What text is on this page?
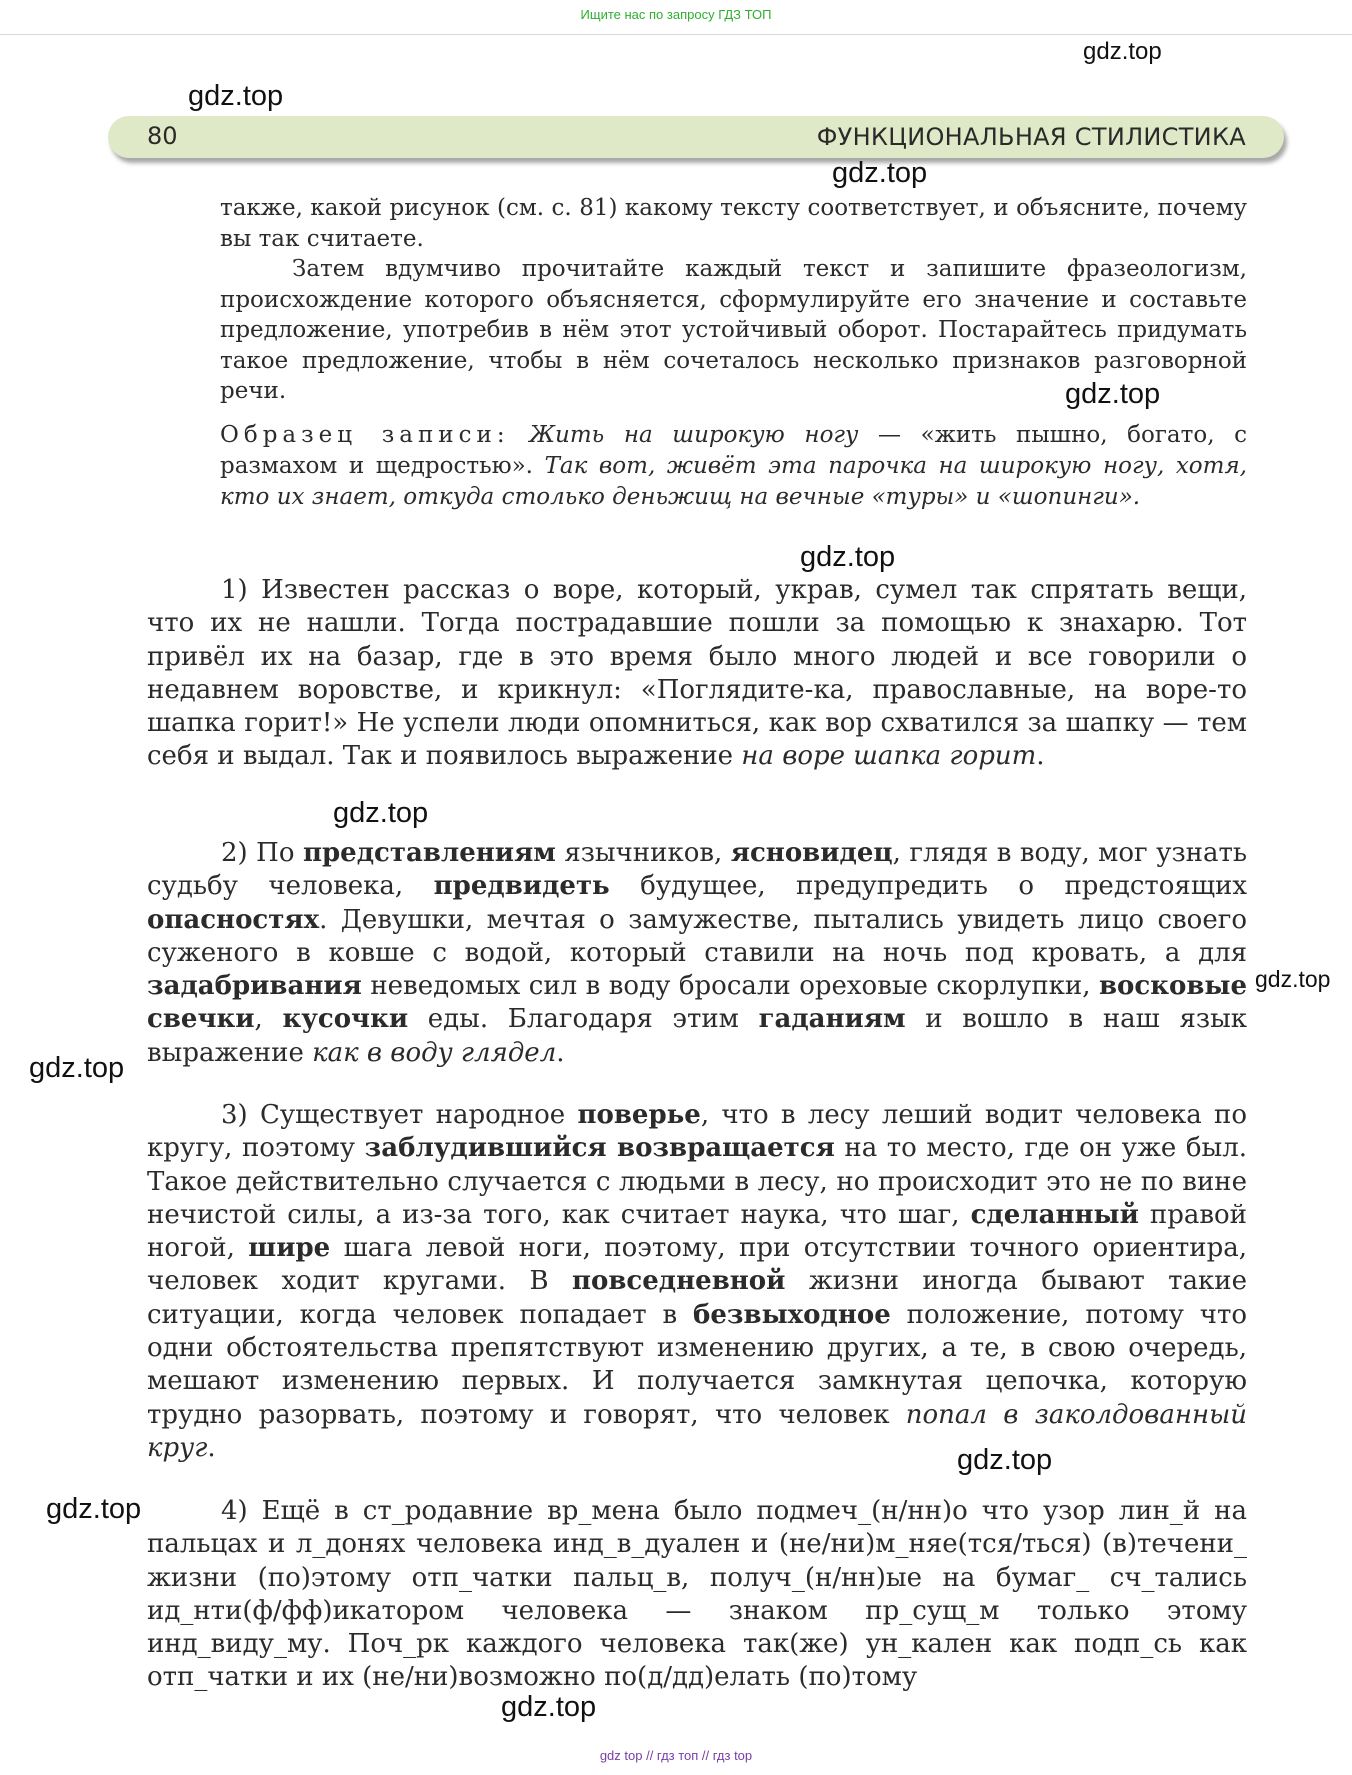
Ищите нас по запросу ГДЗ ТОП
80	ФУНКЦИОНАЛЬНАЯ СТИЛИСТИКА

также, какой рисунок (см. с. 81) какому тексту соответствует, и объясните, почему вы так считаете.
Затем вдумчиво прочитайте каждый текст и запишите фразеологизм, происхождение которого объясняется, сформулируйте его значение и составьте предложение, употребив в нём этот устойчивый оборот. Постарайтесь придумать такое предложение, чтобы в нём сочеталось несколько признаков разговорной речи.

Образец записи: Жить на широкую ногу — «жить пышно, богато, с размахом и щедростью». Так вот, живёт эта парочка на широкую ногу, хотя, кто их знает, откуда столько деньжищ на вечные «туры» и «шопинги».

1) Известен рассказ о воре, который, украв, сумел так спрятать вещи, что их не нашли. Тогда пострадавшие пошли за помощью к знахарю. Тот привёл их на базар, где в это время было много людей и все говорили о недавнем воровстве, и крикнул: «Поглядите-ка, православные, на воре-то шапка горит!» Не успели люди опомниться, как вор схватился за шапку — тем себя и выдал. Так и появилось выражение на воре шапка горит.

2) По представлениям язычников, ясновидец, глядя в воду, мог узнать судьбу человека, предвидеть будущее, предупредить о предстоящих опасностях. Девушки, мечтая о замужестве, пытались увидеть лицо своего суженого в ковше с водой, который ставили на ночь под кровать, а для задабривания неведомых сил в воду бросали ореховые скорлупки, восковые свечки, кусочки еды. Благодаря этим гаданиям и вошло в наш язык выражение как в воду глядел.

3) Существует народное поверье, что в лесу леший водит человека по кругу, поэтому заблудившийся возвращается на то место, где он уже был. Такое действительно случается с людьми в лесу, но происходит это не по вине нечистой силы, а из-за того, как считает наука, что шаг, сделанный правой ногой, шире шага левой ноги, поэтому, при отсутствии точного ориентира, человек ходит кругами. В повседневной жизни иногда бывают такие ситуации, когда человек попадает в безвыходное положение, потому что одни обстоятельства препятствуют изменению других, а те, в свою очередь, мешают изменению первых. И получается замкнутая цепочка, которую трудно разорвать, поэтому и говорят, что человек попал в заколдованный круг.

4) Ещё в ст_родавние вр_мена было подмеч_(н/нн)о что узор лин_й на пальцах и л_донях человека инд_в_дуален и (не/ни)м_няе(тся/ться) (в)течени_ жизни (по)этому отп_чатки пальц_в, получ_(н/нн)ые на бумаг_ сч_тались ид_нти(ф/фф)икатором человека — знаком пр_сущ_м только этому инд_виду_му. Поч_рк каждого человека так(же) ун_кален как подп_сь как отп_чатки и их (не/ни)возможно по(д/дд)елать (по)тому

gdz.top
gdz.top
gdz.top
gdz.top
gdz.top
gdz.top
gdz.top
gdz.top
gdz.top
gdz.top
gdz.top
gdz top // гдз топ // гдз top
